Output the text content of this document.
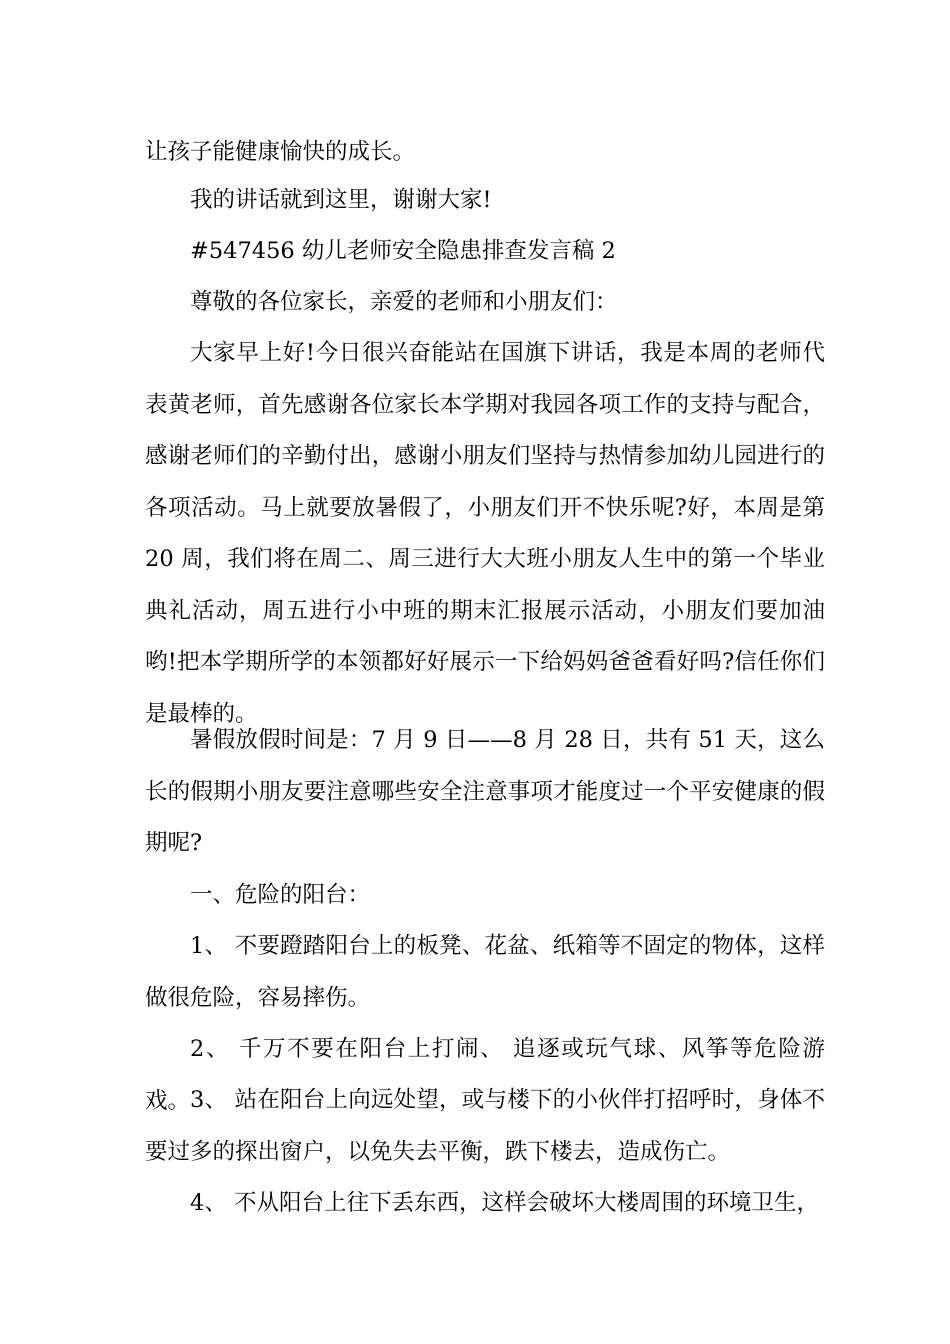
让孩子能健康愉快的成长。

我的讲话就到这里，谢谢大家!

#547456 幼儿老师安全隐患排查发言稿 2

尊敬的各位家长，亲爱的老师和小朋友们：

大家早上好!今日很兴奋能站在国旗下讲话，我是本周的老师代表黄老师，首先感谢各位家长本学期对我园各项工作的支持与配合，感谢老师们的辛勤付出，感谢小朋友们坚持与热情参加幼儿园进行的各项活动。马上就要放暑假了，小朋友们开不快乐呢?好，本周是第 20 周，我们将在周二、周三进行大大班小朋友人生中的第一个毕业典礼活动，周五进行小中班的期末汇报展示活动，小朋友们要加油哟!把本学期所学的本领都好好展示一下给妈妈爸爸看好吗?信任你们是最棒的。

暑假放假时间是：7 月 9 日——8 月 28 日，共有 51 天，这么长的假期小朋友要注意哪些安全注意事项才能度过一个平安健康的假期呢?

一、危险的阳台：

1、 不要蹬踏阳台上的板凳、花盆、纸箱等不固定的物体，这样做很危险，容易摔伤。

2、 千万不要在阳台上打闹、 追逐或玩气球、风筝等危险游戏。 3、 站在阳台上向远处望，或与楼下的小伙伴打招呼时，身体不要过多的探出窗户，以免失去平衡，跌下楼去，造成伤亡。

4、 不从阳台上往下丢东西，这样会破坏大楼周围的环境卫生，
